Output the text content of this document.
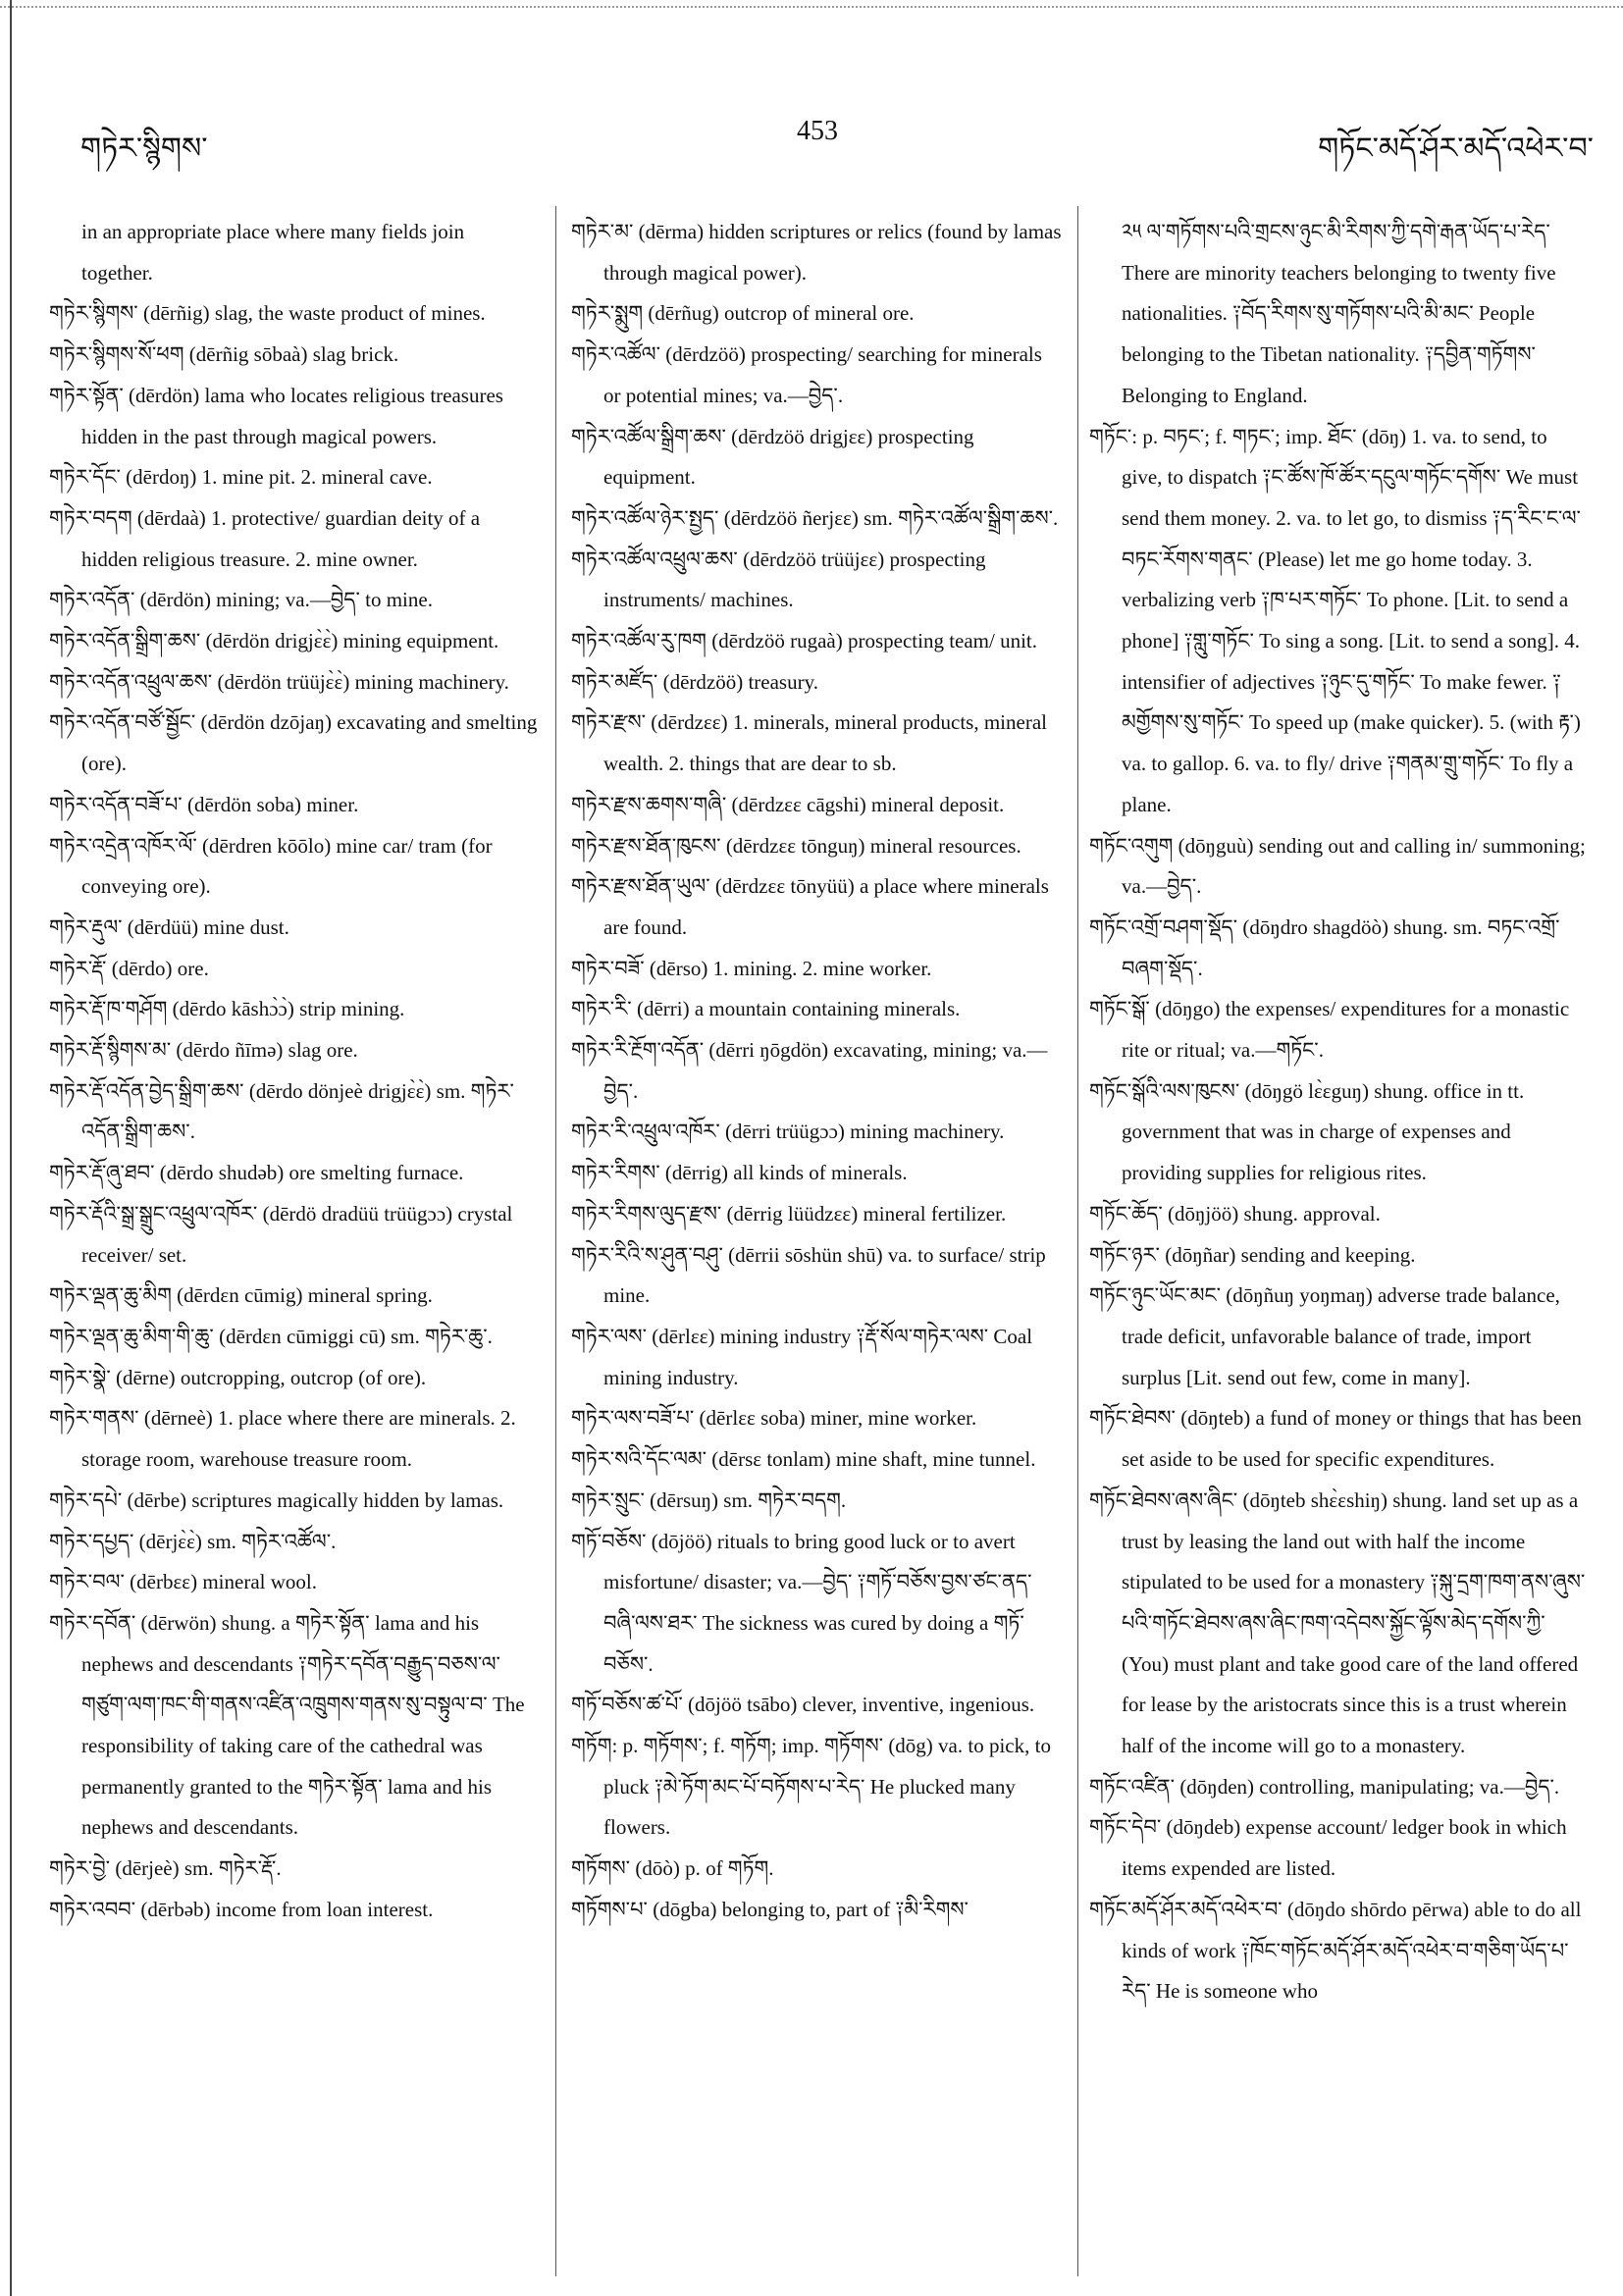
གཏེར་སྙིགས་
453
གཏོང་མདོ་ཤོར་མདོ་འཕེར་བ་

in an appropriate place where many fields join together.

གཏེར་སྙིགས་ (dērñig) slag, the waste product of mines.

གཏེར་སྙིགས་སོ་ཕག (dērñig sōbaà) slag brick.

གཏེར་སྟོན་ (dērdön) lama who locates religious treasures hidden in the past through magical powers.

གཏེར་དོང་ (dērdoŋ) 1. mine pit. 2. mineral cave.

གཏེར་བདག (dērdaà) 1. protective/ guardian deity of a hidden religious treasure. 2. mine owner.

གཏེར་འདོན་ (dērdön) mining; va.—བྱེད་ to mine.

གཏེར་འདོན་སྒྲིག་ཆས་ (dērdön drigjɛ̀ɛ̀) mining equipment.

གཏེར་འདོན་འཕྲུལ་ཆས་ (dērdön trüüjɛ̀ɛ̀) mining machinery.

གཏེར་འདོན་བཙོ་སྦྱོང་ (dērdön dzōjaŋ) excavating and smelting (ore).

གཏེར་འདོན་བཟོ་པ་ (dērdön soba) miner.

གཏེར་འདྲེན་འཁོར་ལོ་ (dērdren kōōlo) mine car/ tram (for conveying ore).

གཏེར་རྡུལ་ (dērdüü) mine dust.

གཏེར་རྡོ་ (dērdo) ore.

གཏེར་རྡོ་ཁ་གཤོག (dērdo kāshɔ̀ɔ̀) strip mining.

གཏེར་རྡོ་སྙིགས་མ་ (dērdo ñīmə) slag ore.

གཏེར་རྡོ་འདོན་བྱེད་སྒྲིག་ཆས་ (dērdo dönjeè drigjɛ̀ɛ̀) sm. གཏེར་འདོན་སྒྲིག་ཆས་.

གཏེར་རྡོ་ཞུ་ཐབ་ (dērdo shudəb) ore smelting furnace.

གཏེར་རྡོའི་སྒྲ་སྒྲུང་འཕྲུལ་འཁོར་ (dērdö dradüü trüügɔɔ) crystal receiver/ set.

གཏེར་ལྡན་ཆུ་མིག (dērdɛn cūmig) mineral spring.

གཏེར་ལྡན་ཆུ་མིག་གི་ཆུ་ (dērdɛn cūmiggi cū) sm. གཏེར་ཆུ་.

གཏེར་སྣེ་ (dērne) outcropping, outcrop (of ore).

གཏེར་གནས་ (dērneè) 1. place where there are minerals. 2. storage room, warehouse treasure room.

གཏེར་དཔེ་ (dērbe) scriptures magically hidden by lamas.

གཏེར་དཔྱད་ (dērjɛ̀ɛ̀) sm. གཏེར་འཚོལ་.

གཏེར་བལ་ (dērbɛɛ) mineral wool.

གཏེར་དབོན་ (dērwön) shung. a གཏེར་སྟོན་ lama and his nephews and descendants ༑གཏེར་དབོན་བརྒྱུད་བཅས་ལ་གཙུག་ལག་ཁང་གི་གནས་འཛིན་འཁྲུགས་གནས་སུ་བསྟུལ་བ་ The responsibility of taking care of the cathedral was permanently granted to the གཏེར་སྟོན་ lama and his nephews and descendants.

གཏེར་བྱེ་ (dērjeè) sm. གཏེར་རྡོ་.

གཏེར་འབབ་ (dērbəb) income from loan interest.

གཏེར་མ་ (dērma) hidden scriptures or relics (found by lamas through magical power).

གཏེར་སྨུག (dērñug) outcrop of mineral ore.

གཏེར་འཚོལ་ (dērdzöö) prospecting/ searching for minerals or potential mines; va.—བྱེད་.

གཏེར་འཚོལ་སྒྲིག་ཆས་ (dērdzöö drigjɛɛ) prospecting equipment.

གཏེར་འཚོལ་ཉེར་སྤྱད་ (dērdzöö ñerjɛɛ) sm. གཏེར་འཚོལ་སྒྲིག་ཆས་.

གཏེར་འཚོལ་འཕྲུལ་ཆས་ (dērdzöö trüüjɛɛ) prospecting instruments/ machines.

གཏེར་འཚོལ་རུ་ཁག (dērdzöö rugaà) prospecting team/ unit.

གཏེར་མཛོད་ (dērdzöö) treasury.

གཏེར་རྫས་ (dērdzɛɛ) 1. minerals, mineral products, mineral wealth. 2. things that are dear to sb.

གཏེར་རྫས་ཆགས་གཞི་ (dērdzɛɛ cāgshi) mineral deposit.

གཏེར་རྫས་ཐོན་ཁུངས་ (dērdzɛɛ tōnguŋ) mineral resources.

གཏེར་རྫས་ཐོན་ཡུལ་ (dērdzɛɛ tōnyüü) a place where minerals are found.

གཏེར་བཟོ་ (dērso) 1. mining. 2. mine worker.

གཏེར་རི་ (dērri) a mountain containing minerals.

གཏེར་རི་རྔོག་འདོན་ (dērri ŋōgdön) excavating, mining; va.—བྱེད་.

གཏེར་རི་འཕྲུལ་འཁོར་ (dērri trüügɔɔ) mining machinery.

གཏེར་རིགས་ (dērrig) all kinds of minerals.

གཏེར་རིགས་ལུད་རྫས་ (dērrig lüüdzɛɛ) mineral fertilizer.

གཏེར་རིའི་ས་ཤུན་བཤུ་ (dērrii sōshün shū) va. to surface/ strip mine.

གཏེར་ལས་ (dērlɛɛ) mining industry ༑རྡོ་སོལ་གཏེར་ལས་ Coal mining industry.

གཏེར་ལས་བཟོ་པ་ (dērlɛɛ soba) miner, mine worker.

གཏེར་སའི་དོང་ལམ་ (dērsɛ tonlam) mine shaft, mine tunnel.

གཏེར་སྲུང་ (dērsuŋ) sm. གཏེར་བདག.

གཏོ་བཅོས་ (dōjöö) rituals to bring good luck or to avert misfortune/ disaster; va.—བྱེད་ ༑གཏོ་བཅོས་བྱས་ཙང་ནད་བཞི་ལས་ཐར་ The sickness was cured by doing a གཏོ་བཅོས་.

གཏོ་བཅོས་ཚ་པོ་ (dōjöö tsābo) clever, inventive, ingenious.

གཏོག: p. གཏོགས་; f. གཏོག; imp. གཏོགས་ (dōg) va. to pick, to pluck ༑མེ་ཏོག་མང་པོ་བཏོགས་པ་རེད་ He plucked many flowers.

གཏོགས་ (dōò) p. of གཏོག.

གཏོགས་པ་ (dōgba) belonging to, part of ༑མི་རིགས་

༢༥ ལ་གཏོགས་པའི་གྲངས་ཉུང་མི་རིགས་ཀྱི་དགེ་རྒན་ཡོད་པ་རེད་ There are minority teachers belonging to twenty five nationalities. ༑བོད་རིགས་སུ་གཏོགས་པའི་མི་མང་ People belonging to the Tibetan nationality. ༑དབྱིན་གཏོགས་ Belonging to England.

གཏོང་: p. བཏང་; f. གཏང་; imp. ཐོང་ (dōŋ) 1. va. to send, to give, to dispatch ༑ང་ཚོས་ཁོ་ཚོར་དངུལ་གཏོང་དགོས་ We must send them money. 2. va. to let go, to dismiss ༑ད་རིང་ང་ལ་བཏང་རོགས་གནང་ (Please) let me go home today. 3. verbalizing verb ༑ཁ་པར་གཏོང་ To phone. [Lit. to send a phone] ༑གླུ་གཏོང་ To sing a song. [Lit. to send a song]. 4. intensifier of adjectives ༑ཉུང་དུ་གཏོང་ To make fewer. ༑མགྱོགས་སུ་གཏོང་ To speed up (make quicker). 5. (with རྟ་) va. to gallop. 6. va. to fly/ drive ༑གནམ་གྲུ་གཏོང་ To fly a plane.

གཏོང་འགུག (dōŋguù) sending out and calling in/ summoning; va.—བྱེད་.

གཏོང་འགྲོ་བཤག་སྡོད་ (dōŋdro shagdöò) shung. sm. བཏང་འགྲོ་བཞག་སྡོད་.

གཏོང་སྒོ་ (dōŋgo) the expenses/ expenditures for a monastic rite or ritual; va.—གཏོང་.

གཏོང་སྒོའི་ལས་ཁུངས་ (dōŋgö lɛ̀ɛguŋ) shung. office in tt. government that was in charge of expenses and providing supplies for religious rites.

གཏོང་ཆོད་ (dōŋjöö) shung. approval.

གཏོང་ཉར་ (dōŋñar) sending and keeping.

གཏོང་ཉུང་ཡོང་མང་ (dōŋñuŋ yoŋmaŋ) adverse trade balance, trade deficit, unfavorable balance of trade, import surplus [Lit. send out few, come in many].

གཏོང་ཐེབས་ (dōŋteb) a fund of money or things that has been set aside to be used for specific expenditures.

གཏོང་ཐེབས་ཞས་ཞིང་ (dōŋteb shɛ̀ɛshiŋ) shung. land set up as a trust by leasing the land out with half the income stipulated to be used for a monastery ༑སྐུ་དྲག་ཁག་ནས་ཞུས་པའི་གཏོང་ཐེབས་ཞས་ཞིང་ཁག་འདེབས་སྐྱོང་ལྟོས་མེད་དགོས་ཀྱི་ (You) must plant and take good care of the land offered for lease by the aristocrats since this is a trust wherein half of the income will go to a monastery.

གཏོང་འཛིན་ (dōŋden) controlling, manipulating; va.—བྱེད་.

གཏོང་དེབ་ (dōŋdeb) expense account/ ledger book in which items expended are listed.

གཏོང་མདོ་ཤོར་མདོ་འཕེར་བ་ (dōŋdo shōrdo pērwa) able to do all kinds of work ༑ཁོང་གཏོང་མདོ་ཤོར་མདོ་འཕེར་བ་གཅིག་ཡོད་པ་རེད་ He is someone who
